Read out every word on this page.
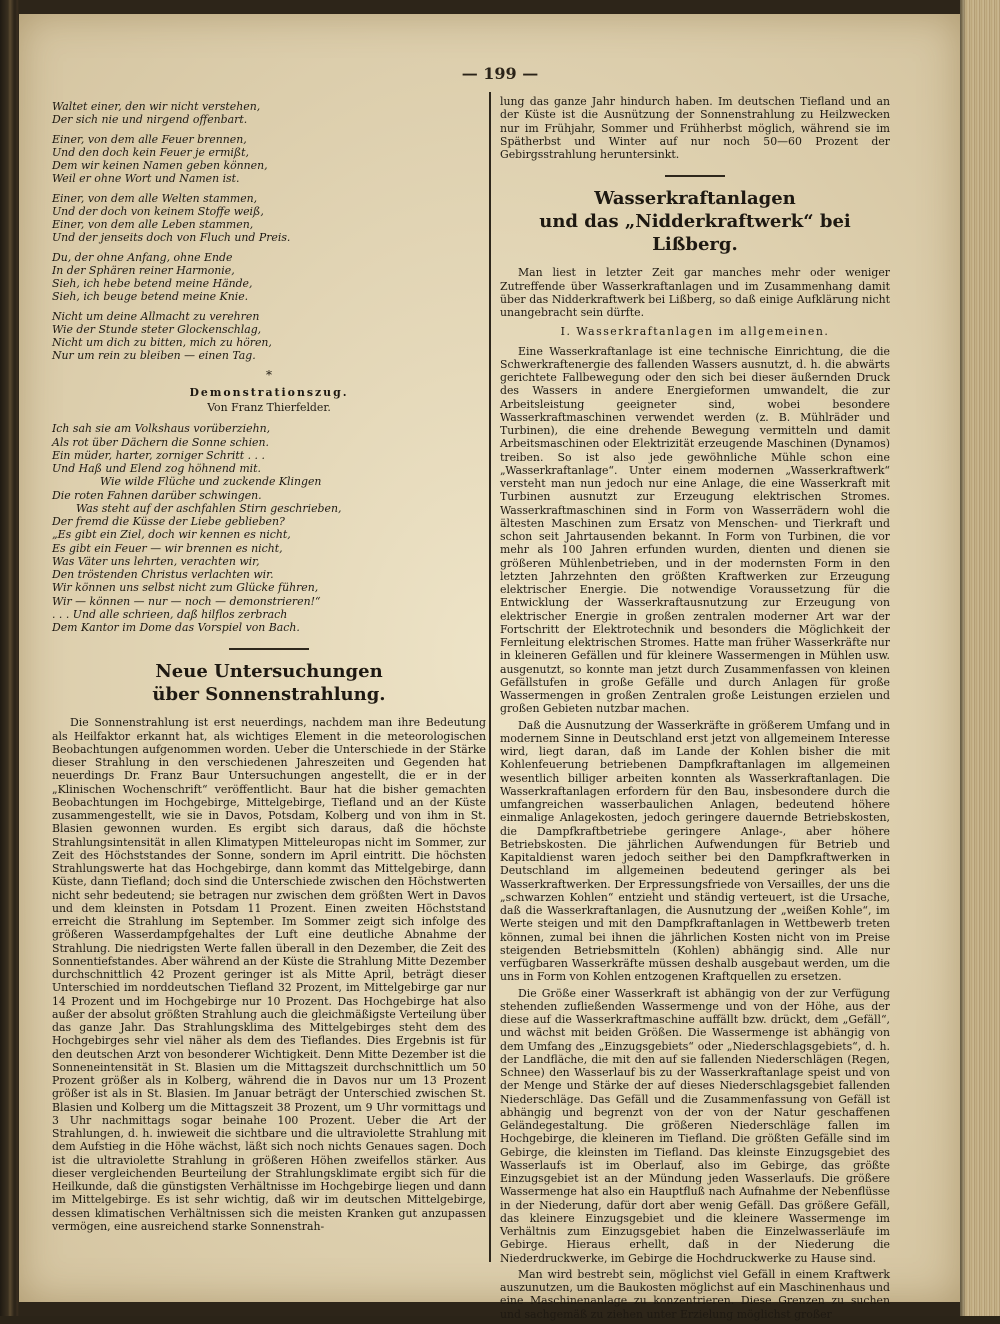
— 199 —
Waltet einer, den wir nicht verstehen,
Der sich nie und nirgend offenbart.
Einer, von dem alle Feuer brennen,
Und den doch kein Feuer je ermißt,
Dem wir keinen Namen geben können,
Weil er ohne Wort und Namen ist.
Einer, von dem alle Welten stammen,
Und der doch von keinem Stoffe weiß,
Einer, von dem alle Leben stammen,
Und der jenseits doch von Fluch und Preis.
Du, der ohne Anfang, ohne Ende
In der Sphären reiner Harmonie,
Sieh, ich hebe betend meine Hände,
Sieh, ich beuge betend meine Knie.
Nicht um deine Allmacht zu verehren
Wie der Stunde steter Glockenschlag,
Nicht um dich zu bitten, mich zu hören,
Nur um rein zu bleiben — einen Tag.
*
Demonstrationszug.
Von Franz Thierfelder.
Ich sah sie am Volkshaus vorüberziehn,
Als rot über Dächern die Sonne schien.
Ein müder, harter, zorniger Schritt . . .
Und Haß und Elend zog höhnend mit.
Wie wilde Flüche und zuckende Klingen
Die roten Fahnen darüber schwingen.
Was steht auf der aschfahlen Stirn geschrieben,
Der fremd die Küsse der Liebe geblieben?
„Es gibt ein Ziel, doch wir kennen es nicht,
Es gibt ein Feuer — wir brennen es nicht,
Was Väter uns lehrten, verachten wir,
Den tröstenden Christus verlachten wir.
Wir können uns selbst nicht zum Glücke führen,
Wir — können — nur — noch — demonstrieren!“
. . . Und alle schrieen, daß hilflos zerbrach
Dem Kantor im Dome das Vorspiel von Bach.
Neue Untersuchungen
über Sonnenstrahlung.

Die Sonnenstrahlung ist erst neuerdings, nachdem man ihre Bedeutung als Heilfaktor erkannt hat, als wichtiges Element in die meteorologischen Beobachtungen aufgenommen worden. Ueber die Unterschiede in der Stärke dieser Strahlung in den verschiedenen Jahreszeiten und Gegenden hat neuerdings Dr. Franz Baur Untersuchungen angestellt, die er in der „Klinischen Wochenschrift“ veröffentlicht. Baur hat die bisher gemachten Beobachtungen im Hochgebirge, Mittelgebirge, Tiefland und an der Küste zusammengestellt, wie sie in Davos, Potsdam, Kolberg und von ihm in St. Blasien gewonnen wurden. Es ergibt sich daraus, daß die höchste Strahlungsintensität in allen Klimatypen Mitteleuropas nicht im Sommer, zur Zeit des Höchststandes der Sonne, sondern im April eintritt. Die höchsten Strahlungswerte hat das Hochgebirge, dann kommt das Mittelgebirge, dann Küste, dann Tiefland; doch sind die Unterschiede zwischen den Höchstwerten nicht sehr bedeutend; sie betragen nur zwischen dem größten Wert in Davos und dem kleinsten in Potsdam 11 Prozent. Einen zweiten Höchststand erreicht die Strahlung im September. Im Sommer zeigt sich infolge des größeren Wasserdampfgehaltes der Luft eine deutliche Abnahme der Strahlung. Die niedrigsten Werte fallen überall in den Dezember, die Zeit des Sonnentiefstandes. Aber während an der Küste die Strahlung Mitte Dezember durchschnittlich 42 Prozent geringer ist als Mitte April, beträgt dieser Unterschied im norddeutschen Tiefland 32 Prozent, im Mittelgebirge gar nur 14 Prozent und im Hochgebirge nur 10 Prozent. Das Hochgebirge hat also außer der absolut größten Strahlung auch die gleichmäßigste Verteilung über das ganze Jahr. Das Strahlungsklima des Mittelgebirges steht dem des Hochgebirges sehr viel näher als dem des Tieflandes. Dies Ergebnis ist für den deutschen Arzt von besonderer Wichtigkeit. Denn Mitte Dezember ist die Sonneneintensität in St. Blasien um die Mittagszeit durchschnittlich um 50 Prozent größer als in Kolberg, während die in Davos nur um 13 Prozent größer ist als in St. Blasien. Im Januar beträgt der Unterschied zwischen St. Blasien und Kolberg um die Mittagszeit 38 Prozent, um 9 Uhr vormittags und 3 Uhr nachmittags sogar beinahe 100 Prozent. Ueber die Art der Strahlungen, d. h. inwieweit die sichtbare und die ultraviolette Strahlung mit dem Aufstieg in die Höhe wächst, läßt sich noch nichts Genaues sagen. Doch ist die ultraviolette Strahlung in größeren Höhen zweifellos stärker. Aus dieser vergleichenden Beurteilung der Strahlungsklimate ergibt sich für die Heilkunde, daß die günstigsten Verhältnisse im Hochgebirge liegen und dann im Mittelgebirge. Es ist sehr wichtig, daß wir im deutschen Mittelgebirge, dessen klimatischen Verhältnissen sich die meisten Kranken gut anzupassen vermögen, eine ausreichend starke Sonnenstrah-

lung das ganze Jahr hindurch haben. Im deutschen Tiefland und an der Küste ist die Ausnützung der Sonnenstrahlung zu Heilzwecken nur im Frühjahr, Sommer und Frühherbst möglich, während sie im Spätherbst und Winter auf nur noch 50—60 Prozent der Gebirgsstrahlung heruntersinkt.

Wasserkraftanlagen
und das „Nidderkraftwerk“ bei Lißberg.

Man liest in letzter Zeit gar manches mehr oder weniger Zutreffende über Wasserkraftanlagen und im Zusammenhang damit über das Nidderkraftwerk bei Lißberg, so daß einige Aufklärung nicht unangebracht sein dürfte.

I. Wasserkraftanlagen im allgemeinen.

Eine Wasserkraftanlage ist eine technische Einrichtung, die die Schwerkraftenergie des fallenden Wassers ausnutzt, d. h. die abwärts gerichtete Fallbewegung oder den sich bei dieser äußernden Druck des Wassers in andere Energieformen umwandelt, die zur Arbeitsleistung geeigneter sind, wobei besondere Wasserkraftmaschinen verwendet werden (z. B. Mühlräder und Turbinen), die eine drehende Bewegung vermitteln und damit Arbeitsmaschinen oder Elektrizität erzeugende Maschinen (Dynamos) treiben. So ist also jede gewöhnliche Mühle schon eine „Wasserkraftanlage“. Unter einem modernen „Wasserkraftwerk“ versteht man nun jedoch nur eine Anlage, die eine Wasserkraft mit Turbinen ausnutzt zur Erzeugung elektrischen Stromes. Wasserkraftmaschinen sind in Form von Wasserrädern wohl die ältesten Maschinen zum Ersatz von Menschen- und Tierkraft und schon seit Jahrtausenden bekannt. In Form von Turbinen, die vor mehr als 100 Jahren erfunden wurden, dienten und dienen sie größeren Mühlenbetrieben, und in der modernsten Form in den letzten Jahrzehnten den größten Kraftwerken zur Erzeugung elektrischer Energie. Die notwendige Voraussetzung für die Entwicklung der Wasserkraftausnutzung zur Erzeugung von elektrischer Energie in großen zentralen moderner Art war der Fortschritt der Elektrotechnik und besonders die Möglichkeit der Fernleitung elektrischen Stromes. Hatte man früher Wasserkräfte nur in kleineren Gefällen und für kleinere Wassermengen in Mühlen usw. ausgenutzt, so konnte man jetzt durch Zusammenfassen von kleinen Gefällstufen in große Gefälle und durch Anlagen für große Wassermengen in großen Zentralen große Leistungen erzielen und großen Gebieten nutzbar machen.

Daß die Ausnutzung der Wasserkräfte in größerem Umfang und in modernem Sinne in Deutschland erst jetzt von allgemeinem Interesse wird, liegt daran, daß im Lande der Kohlen bisher die mit Kohlenfeuerung betriebenen Dampfkraftanlagen im allgemeinen wesentlich billiger arbeiten konnten als Wasserkraftanlagen. Die Wasserkraftanlagen erfordern für den Bau, insbesondere durch die umfangreichen wasserbaulichen Anlagen, bedeutend höhere einmalige Anlagekosten, jedoch geringere dauernde Betriebskosten, die Dampfkraftbetriebe geringere Anlage-, aber höhere Betriebskosten. Die jährlichen Aufwendungen für Betrieb und Kapitaldienst waren jedoch seither bei den Dampfkraftwerken in Deutschland im allgemeinen bedeutend geringer als bei Wasserkraftwerken. Der Erpressungsfriede von Versailles, der uns die „schwarzen Kohlen“ entzieht und ständig verteuert, ist die Ursache, daß die Wasserkraftanlagen, die Ausnutzung der „weißen Kohle“, im Werte steigen und mit den Dampfkraftanlagen in Wettbewerb treten können, zumal bei ihnen die jährlichen Kosten nicht von im Preise steigenden Betriebsmitteln (Kohlen) abhängig sind. Alle nur verfügbaren Wasserkräfte müssen deshalb ausgebaut werden, um die uns in Form von Kohlen entzogenen Kraftquellen zu ersetzen.

Die Größe einer Wasserkraft ist abhängig von der zur Verfügung stehenden zufließenden Wassermenge und von der Höhe, aus der diese auf die Wasserkraftmaschine auffällt bzw. drückt, dem „Gefäll“, und wächst mit beiden Größen. Die Wassermenge ist abhängig von dem Umfang des „Einzugsgebiets“ oder „Niederschlagsgebiets“, d. h. der Landfläche, die mit den auf sie fallenden Niederschlägen (Regen, Schnee) den Wasserlauf bis zu der Wasserkraftanlage speist und von der Menge und Stärke der auf dieses Niederschlagsgebiet fallenden Niederschläge. Das Gefäll und die Zusammenfassung von Gefäll ist abhängig und begrenzt von der von der Natur geschaffenen Geländegestaltung. Die größeren Niederschläge fallen im Hochgebirge, die kleineren im Tiefland. Die größten Gefälle sind im Gebirge, die kleinsten im Tiefland. Das kleinste Einzugsgebiet des Wasserlaufs ist im Oberlauf, also im Gebirge, das größte Einzugsgebiet ist an der Mündung jeden Wasserlaufs. Die größere Wassermenge hat also ein Hauptfluß nach Aufnahme der Nebenflüsse in der Niederung, dafür dort aber wenig Gefäll. Das größere Gefäll, das kleinere Einzugsgebiet und die kleinere Wassermenge im Verhältnis zum Einzugsgebiet haben die Einzelwasserläufe im Gebirge. Hieraus erhellt, daß in der Niederung die Niederdruckwerke, im Gebirge die Hochdruckwerke zu Hause sind.

Man wird bestrebt sein, möglichst viel Gefäll in einem Kraftwerk auszunutzen, um die Baukosten möglichst auf ein Maschinenhaus und eine Maschinenanlage zu konzentrieren. Diese Grenzen zu suchen und sachgemäß zu ziehen unter Erzielung möglichst großer
